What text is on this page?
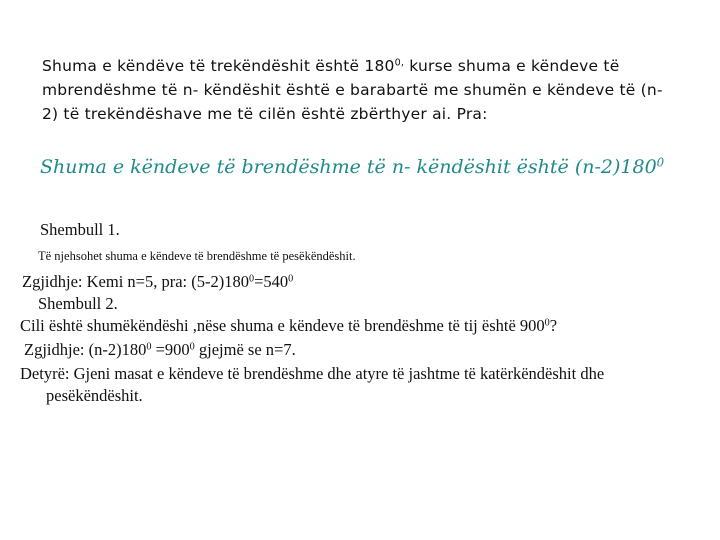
Shuma e këndëve të trekëndëshit është $180^{0,}$ kurse shuma e këndeve të

mbrendëshme të n- këndëshit është e barabartë me shumën e këndeve të (n-

2) të trekëndëshave me të cilën është zbërthyer ai. Pra:

Shuma e këndeve të brendëshme të n- këndëshit është $(n-2)180^0$
Shembull 1.
Të njehsohet shuma e këndeve të brendëshme të pesëkëndëshit.
Zgjidhje: Kemi n=5, pra: $(5-2)180^0=540^0$
Shembull 2.
Cili është shumëkëndëshi ,nëse shuma e këndeve të brendëshme të tij është $900^0$?
Zgjidhje: $(n-2)180^0 =900^0$ gjejmë se n=7.
Detyrë: Gjeni masat e këndeve të brendëshme dhe atyre të jashtme të katërkëndëshit dhe
pesëkëndëshit.
